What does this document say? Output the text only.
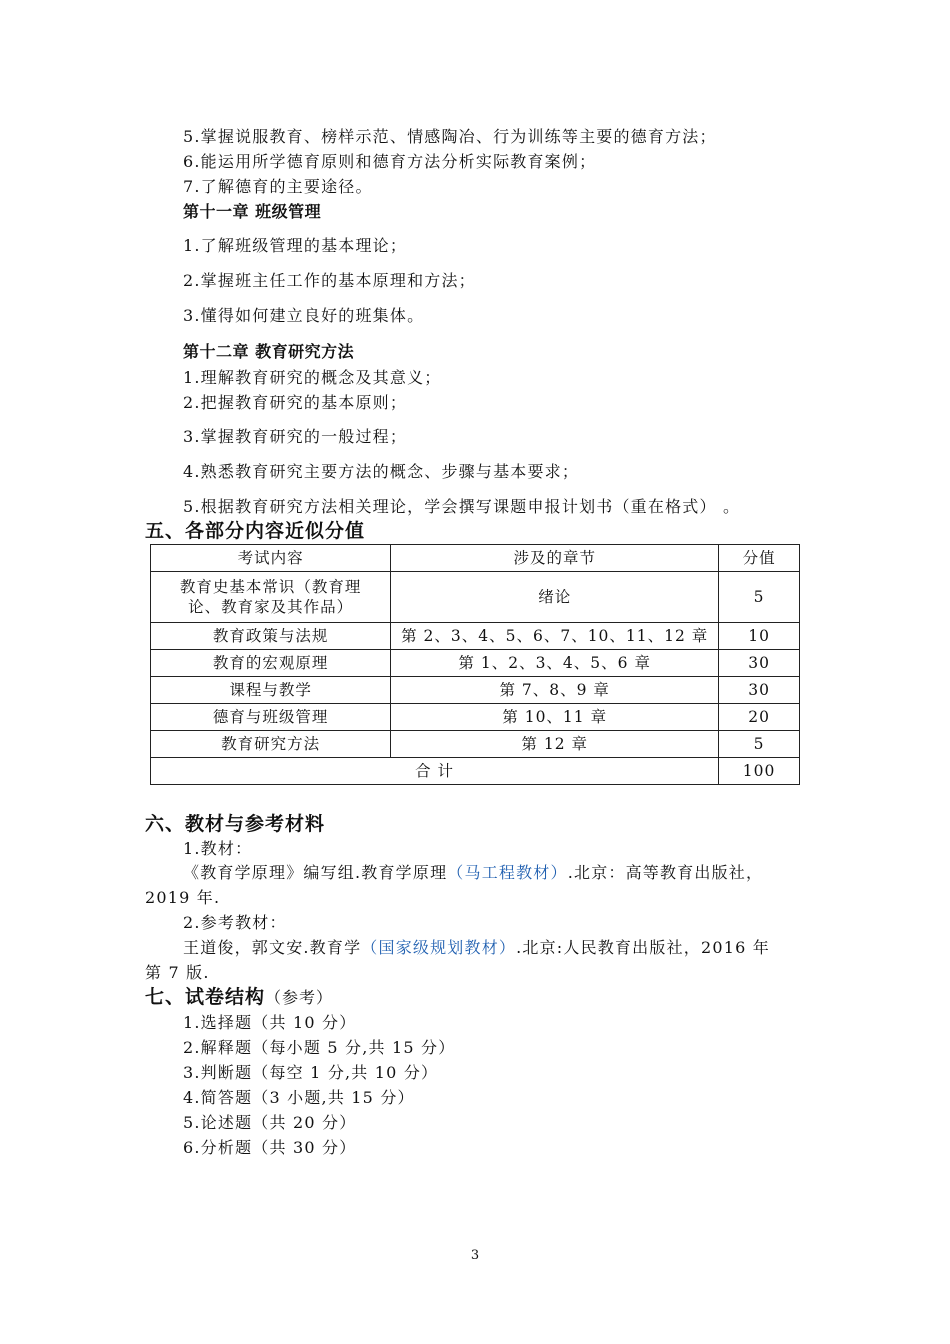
5.掌握说服教育、榜样示范、情感陶冶、行为训练等主要的德育方法；
6.能运用所学德育原则和德育方法分析实际教育案例；
7.了解德育的主要途径。
第十一章 班级管理
1.了解班级管理的基本理论；
2.掌握班主任工作的基本原理和方法；
3.懂得如何建立良好的班集体。
第十二章 教育研究方法
1.理解教育研究的概念及其意义；
2.把握教育研究的基本原则；
3.掌握教育研究的一般过程；
4.熟悉教育研究主要方法的概念、步骤与基本要求；
5.根据教育研究方法相关理论，学会撰写课题申报计划书（重在格式） 。
五、各部分内容近似分值
考试内容	涉及的章节	分值
教育史基本常识（教育理
论、教育家及其作品）	绪论	5
教育政策与法规	第 2、3、4、5、6、7、10、11、12 章	10
教育的宏观原理	第 1、2、3、4、5、6 章	30
课程与教学	第 7、8、9 章	30
德育与班级管理	第 10、11 章	20
教育研究方法	第 12 章	5
合 计		100
六、教材与参考材料
1.教材：
《教育学原理》编写组.教育学原理（马工程教材）.北京：高等教育出版社，
2019 年.
2.参考教材：
王道俊，郭文安.教育学（国家级规划教材）.北京:人民教育出版社，2016 年
第 7 版.
七、试卷结构（参考）
1.选择题（共 10 分）
2.解释题（每小题 5 分,共 15 分）
3.判断题（每空 1 分,共 10 分）
4.简答题（3 小题,共 15 分）
5.论述题（共 20 分）
6.分析题（共 30 分）
3
